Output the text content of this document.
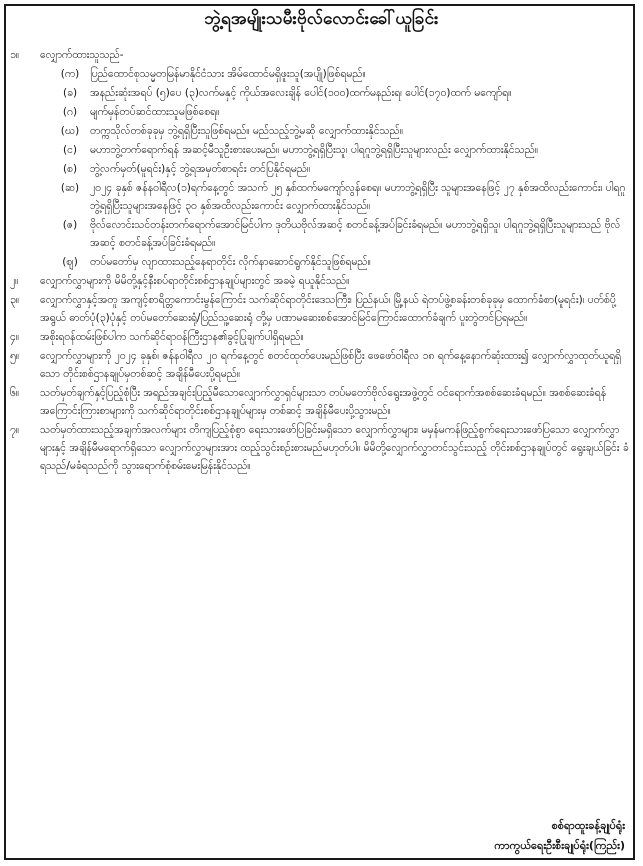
ဘွဲ့ရအမျိုးသမီးဗိုလ်လောင်းခေါ်ယူခြင်း
၁။	လျှောက်ထားသူသည်-
(က)	ပြည်ထောင်စုသမ္မတမြန်မာနိုင်ငံသား အိမ်ထောင်မရှိဖူးသူ(အပျို)ဖြစ်ရမည်။
(ခ)	အနည်းဆုံးအရပ် (၅)ပေ (၃)လက်မနှင့် ကိုယ်အလေးချိန် ပေါင်(၁၀၀)ထက်မနည်းရ၊ ပေါင်(၁၇၀)ထက် မကျော်ရ။
(ဂ)	မျက်မှန်တပ်ဆင်ထားသူမဖြစ်စေရ။
(ဃ)	တက္ကသိုလ်တစ်ခုခုမှ ဘွဲ့ရရှိပြီးသူဖြစ်ရမည်။ မည်သည့်ဘွဲ့မဆို လျှောက်ထားနိုင်သည်။
(င)	မဟာဘွဲ့တက်ရောက်ရန် အဆင့်မီသူဦးစားပေးမည်။ မဟာဘွဲ့ရရှိပြီးသူ၊ ပါရဂူဘွဲ့ရရှိပြီးသူများလည်း လျှောက်ထားနိုင်သည်။
(စ)	ဘွဲ့လက်မှတ်(မူရင်း)နှင့် ဘွဲ့ရအမှတ်စာရင်း တင်ပြနိုင်ရမည်။
(ဆ)	၂၀၂၄ ခုနှစ် ဇန်နဝါရီလ(၁)ရက်နေ့တွင် အသက် ၂၅ နှစ်ထက်မကျော်လွန်စေရ။ မဟာဘွဲ့ရရှိပြီး သူများအနေဖြင့် ၂၇ နှစ်အထိလည်းကောင်း၊ ပါရဂူဘွဲ့ရရှိပြီးသူများအနေဖြင့် ၃၀ နှစ်အထိလည်းကောင်း လျှောက်ထားနိုင်သည်။
(ဇ)	ဗိုလ်လောင်းသင်တန်းတက်ရောက်အောင်မြင်ပါက ဒုတိယဗိုလ်အဆင့် စတင်ခန့်အပ်ခြင်းခံရမည်။ မဟာဘွဲ့ရရှိသူ၊ ပါရဂူဘွဲ့ရရှိပြီးသူများသည် ဗိုလ်အဆင့် စတင်ခန့်အပ်ခြင်းခံရမည်။
(ဈ)	တပ်မတော်မှ လျာထားသည့်နေရာတိုင်း လိုက်နာဆောင်ရွက်နိုင်သူဖြစ်ရမည်။
၂။	လျှောက်လွှာများကို မိမိတို့နှင့်နီးစပ်ရာတိုင်းစစ်ဌာနချုပ်များတွင် အခမဲ့ ရယူနိုင်သည်။
၃။	လျှောက်လွှာနှင့်အတူ အကျင့်စာရိတ္တကောင်းမွန်ကြောင်း သက်ဆိုင်ရာတိုင်းဒေသကြီး၊ ပြည်နယ်၊ မြို့နယ် ရဲတပ်ဖွဲ့စခန်းတစ်ခုခုမှ ထောက်ခံစာ(မူရင်း)၊ ပတ်စ်ပို့အရွယ် ဓာတ်ပုံ(၃)ပုံနှင့် တပ်မတော်ဆေးရုံ/ပြည်သူ့ဆေးရုံ တို့မှ ပဏာမဆေးစစ်အောင်မြင်ကြောင်းထောက်ခံချက် ပူးတွဲတင်ပြရမည်။
၄။	အစိုးရဝန်ထမ်းဖြစ်ပါက သက်ဆိုင်ရာဝန်ကြီးဌာန၏ခွင့်ပြုချက်ပါရှိရမည်။
၅။	လျှောက်လွှာများကို ၂၀၂၄ ခုနှစ်၊ ဇန်နဝါရီလ ၂၀ ရက်နေ့တွင် စတင်ထုတ်ပေးမည်ဖြစ်ပြီး ဖေဖော်ဝါရီလ ၁၈ ရက်နေ့နောက်ဆုံးထား၍ လျှောက်လွှာထုတ်ယူရရှိသော တိုင်းစစ်ဌာနချုပ်မှတစ်ဆင့် အချိန်မီပေးပို့ရမည်။
၆။	သတ်မှတ်ချက်နှင့်ပြည့်စုံပြီး အရည်အချင်းပြည့်မီသောလျှောက်လွှာရှင်များသာ တပ်မတော်ဗိုလ်ရွေးအဖွဲ့တွင် ဝင်ရောက်အစစ်ဆေးခံရမည်။ အစစ်ဆေးခံရန် အကြောင်းကြားစာများကို သက်ဆိုင်ရာတိုင်းစစ်ဌာနချုပ်များမှ တစ်ဆင့် အချိန်မီပေးပို့သွားမည်။
၇။	သတ်မှတ်ထားသည့်အချက်အလက်များ တိကျပြည့်စုံစွာ ရေးသားဖော်ပြခြင်းမရှိသော လျှောက်လွှာများ၊ မမှန်မကန်ဖြည့်စွက်ရေးသားဖော်ပြသော လျှောက်လွှာများနှင့် အချိန်မီမရောက်ရှိသော လျှောက်လွှာများအား ထည့်သွင်းစဉ်းစားမည်မဟုတ်ပါ။ မိမိတို့လျှောက်လွှာတင်သွင်းသည့် တိုင်းစစ်ဌာနချုပ်တွင် ရွေးချယ်ခြင်း ခံရသည်/မခံရသည်ကို သွားရောက်စုံစမ်းမေးမြန်းနိုင်သည်။
စစ်ရာထူးခန့်ချုပ်ရုံး
ကာကွယ်ရေးဦးစီးချုပ်ရုံး(ကြည်း)
